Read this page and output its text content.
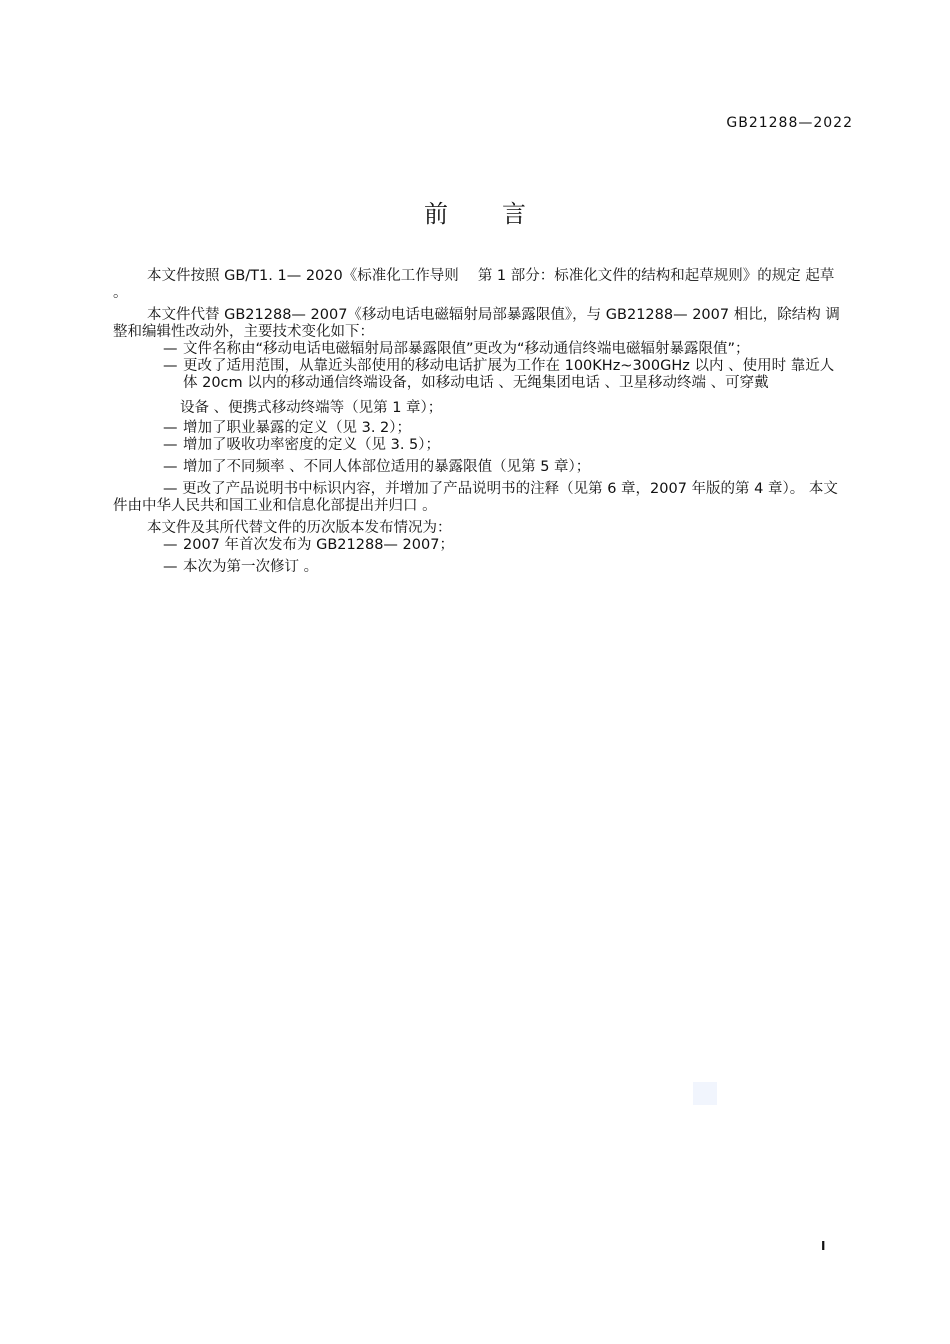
GB21288—2022
前言

本文件按照 GB/T1. 1— 2020《标准化工作导则　 第 1 部分：标准化文件的结构和起草规则》的规定 起草 。

本文件代替 GB21288— 2007《移动电话电磁辐射局部暴露限值》，与 GB21288— 2007 相比，除结构 调整和编辑性改动外，主要技术变化如下：

— 文件名称由“移动电话电磁辐射局部暴露限值”更改为“移动通信终端电磁辐射暴露限值”；
— 更改了适用范围，从靠近头部使用的移动电话扩展为工作在 100KHz~300GHz 以内 、使用时 靠近人体 20cm 以内的移动通信终端设备，如移动电话 、无绳集团电话 、卫星移动终端 、可穿戴
设备 、便携式移动终端等（见第 1 章）；
— 增加了职业暴露的定义（见 3. 2）；
— 增加了吸收功率密度的定义（见 3. 5）；
— 增加了不同频率 、不同人体部位适用的暴露限值（见第 5 章）；
— 更改了产品说明书中标识内容，并增加了产品说明书的注释（见第 6 章，2007 年版的第 4 章）。 本文件由中华人民共和国工业和信息化部提出并归口 。

本文件及其所代替文件的历次版本发布情况为：

— 2007 年首次发布为 GB21288— 2007；
— 本次为第一次修订 。
I
